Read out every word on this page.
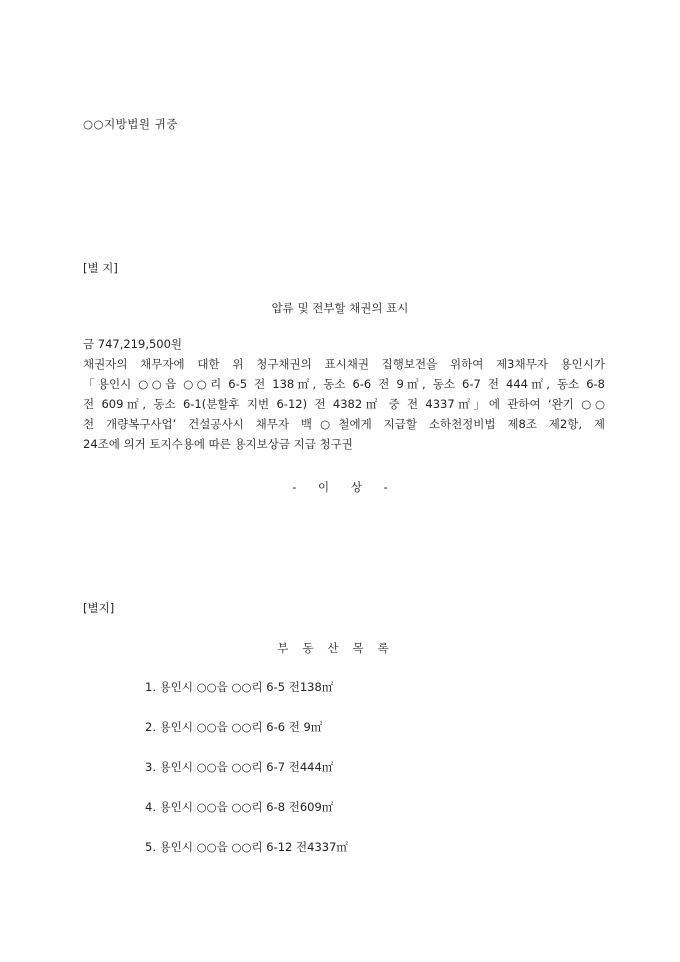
○○지방법원 귀중
[별 지]
압류 및 전부할 채권의 표시
금 747,219,500원
채권자의 채무자에 대한 위 청구채권의 표시채권 집행보전을 위하여 제3채무자 용인시가
「용인시 ○○읍 ○○리 6-5 전 138㎡, 동소 6-6 전 9㎡, 동소 6-7 전 444㎡, 동소 6-8
전 609㎡, 동소 6-1(분할후 지번 6-12) 전 4382㎡ 중 전 4337㎡」에 관하여 ‘완기 ○○
천 개량복구사업’ 건설공사시 채무자 백○철에게 지급할 소하천정비법 제8조 제2항, 제
24조에 의거 토지수용에 따른 용지보상금 지급 청구권
- 이 상 -
[별지]
부동산목록
1. 용인시 ○○읍 ○○리 6-5 전138㎡
2. 용인시 ○○읍 ○○리 6-6 전 9㎡
3. 용인시 ○○읍 ○○리 6-7 전444㎡
4. 용인시 ○○읍 ○○리 6-8 전609㎡
5. 용인시 ○○읍 ○○리 6-12 전4337㎡
